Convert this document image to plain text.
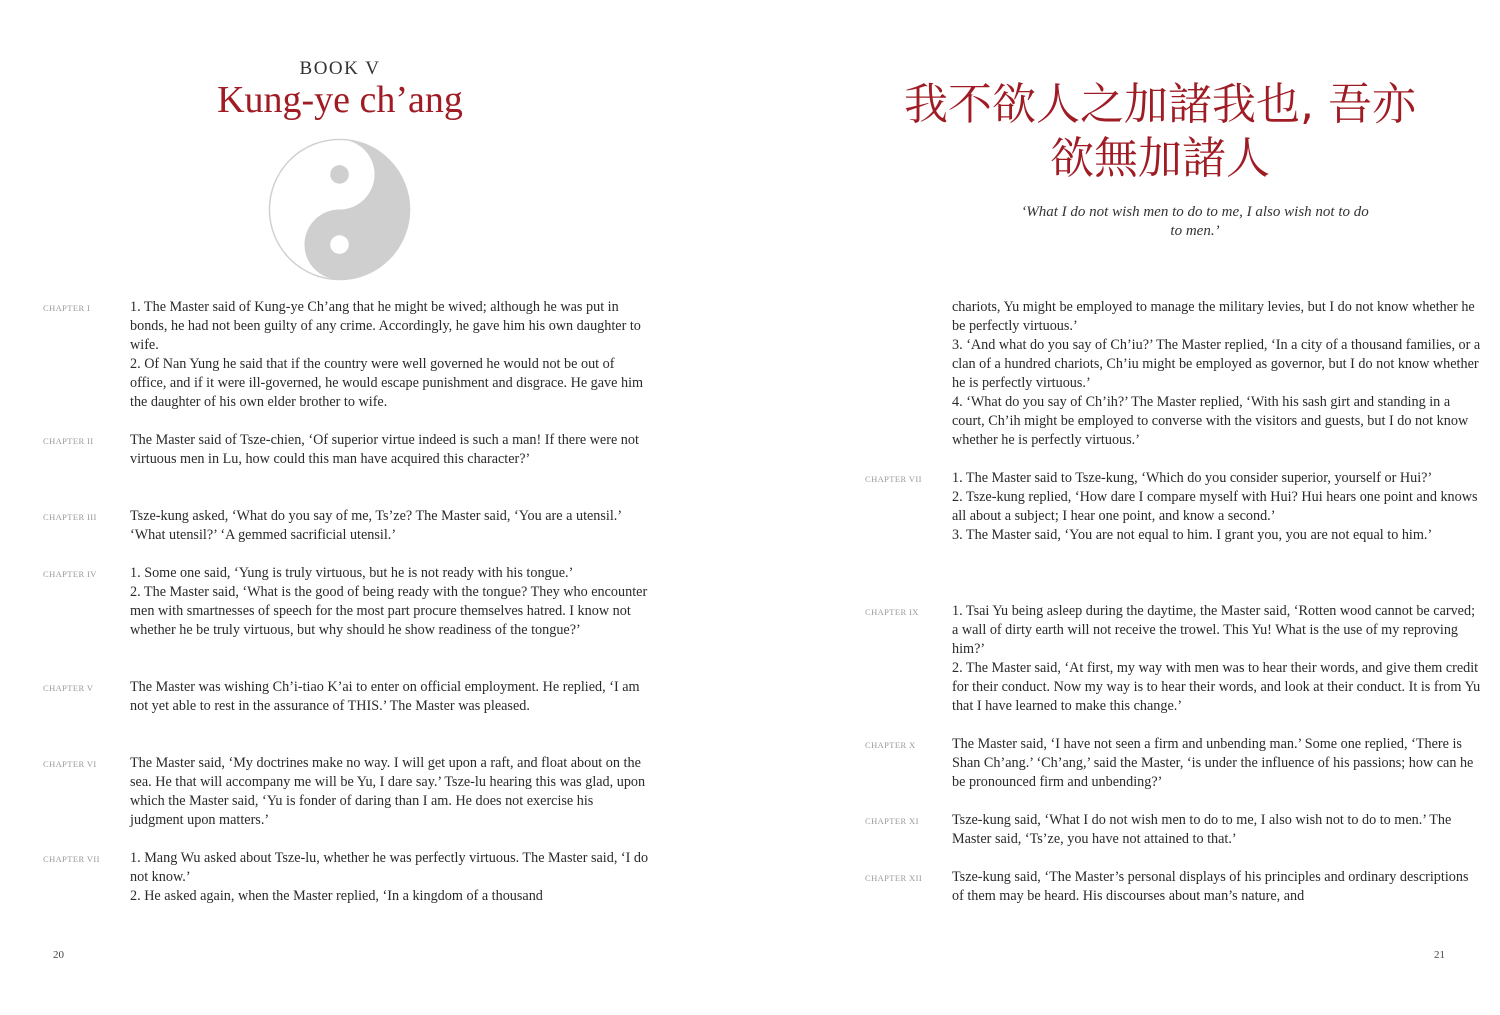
BOOK V
Kung-ye ch’ang
CHAPTER I	1. The Master said of Kung-ye Ch’ang that he might be wived; although he was put in bonds, he had not been guilty of any crime. Accordingly, he gave him his own daughter to wife.

2. Of Nan Yung he said that if the country were well governed he would not be out of office, and if it were ill-governed, he would escape punishment and disgrace. He gave him the daughter of his own elder brother to wife.

CHAPTER II	The Master said of Tsze-chien, ‘Of superior virtue indeed is such a man! If there were not virtuous men in Lu, how could this man have acquired this character?’

CHAPTER III Tsze-kung asked, ‘What do you say of me, Ts’ze? The Master said, ‘You are a utensil.’ ‘What utensil?’ ‘A gemmed sacrificial utensil.’

CHAPTER IV 1. Some one said, ‘Yung is truly virtuous, but he is not ready with his tongue.’

2. The Master said, ‘What is the good of being ready with the tongue? They who encounter men with smartnesses of speech for the most part procure themselves hatred. I know not whether he be truly virtuous, but why should he show readiness of the tongue?’

CHAPTER V	The Master was wishing Ch’i-tiao K’ai to enter on official employment. He replied, ‘I am not yet able to rest in the assurance of THIS.’ The Master was pleased.

CHAPTER VI The Master said, ‘My doctrines make no way. I will get upon a raft, and float about on the sea. He that will accompany me will be Yu, I dare say.’ Tsze-lu hearing this was glad, upon which the Master said, ‘Yu is fonder of daring than I am. He does not exercise his judgment upon matters.’

CHAPTER VII 1. Mang Wu asked about Tsze-lu, whether he was perfectly virtuous. The Master said, ‘I do not know.’

2. He asked again, when the Master replied, ‘In a kingdom of a thousand

20
我不欲人之加諸我也, 吾亦
欲無加諸人
‘What I do not wish men to do to me, I also wish not to do to men.’

chariots, Yu might be employed to manage the military levies, but I do not know whether he be perfectly virtuous.’

3. ‘And what do you say of Ch’iu?’ The Master replied, ‘In a city of a thousand families, or a clan of a hundred chariots, Ch’iu might be employed as governor, but I do not know whether he is perfectly virtuous.’

4. ‘What do you say of Ch’ih?’ The Master replied, ‘With his sash girt and standing in a court, Ch’ih might be employed to converse with the visitors and guests, but I do not know whether he is perfectly virtuous.’

CHAPTER VII 1. The Master said to Tsze-kung, ‘Which do you consider superior, yourself or Hui?’

2. Tsze-kung replied, ‘How dare I compare myself with Hui? Hui hears one point and knows all about a subject; I hear one point, and know a second.’

3. The Master said, ‘You are not equal to him. I grant you, you are not equal to him.’

CHAPTER IX 1. Tsai Yu being asleep during the daytime, the Master said, ‘Rotten wood cannot be carved; a wall of dirty earth will not receive the trowel. This Yu! What is the use of my reproving him?’

2. The Master said, ‘At first, my way with men was to hear their words, and give them credit for their conduct. Now my way is to hear their words, and look at their conduct. It is from Yu that I have learned to make this change.’

CHAPTER X	The Master said, ‘I have not seen a firm and unbending man.’ Some one replied, ‘There is Shan Ch’ang.’ ‘Ch’ang,’ said the Master, ‘is under the influence of his passions; how can he be pronounced firm and unbending?’

CHAPTER XI Tsze-kung said, ‘What I do not wish men to do to me, I also wish not to do to men.’ The Master said, ‘Ts’ze, you have not attained to that.’

CHAPTER XII Tsze-kung said, ‘The Master’s personal displays of his principles and ordinary descriptions of them may be heard. His discourses about man’s nature, and

21
